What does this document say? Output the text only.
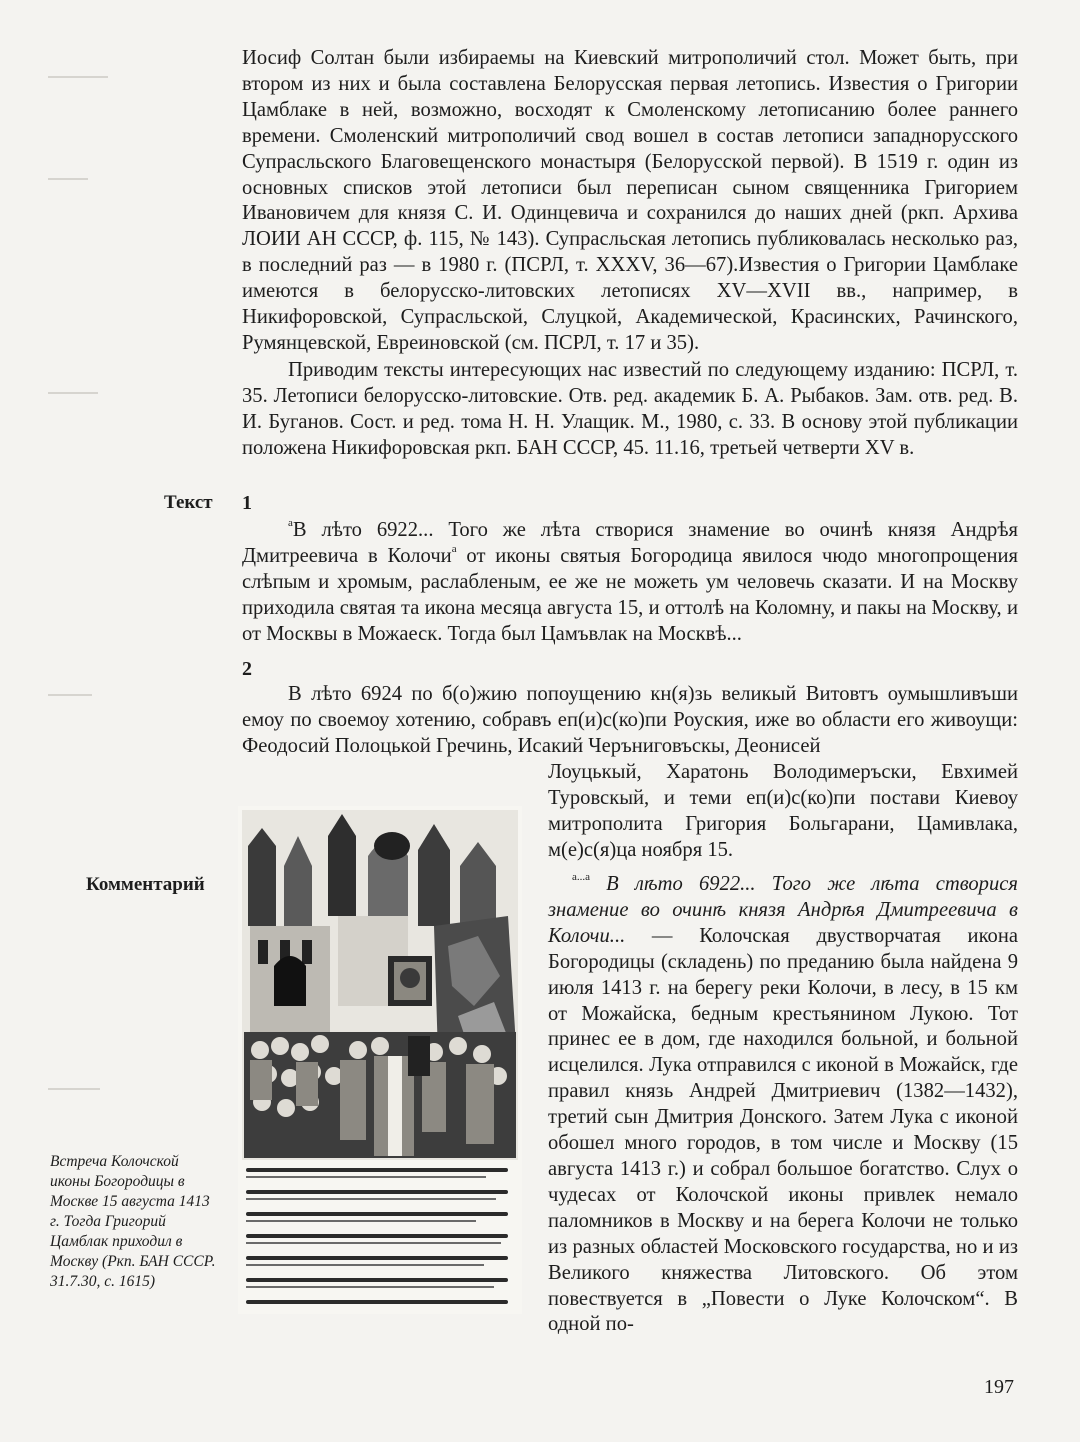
Иосиф Солтан были избираемы на Киевский митрополичий стол. Может быть, при втором из них и была составлена Белорусская первая летопись. Известия о Григории Цамблаке в ней, возможно, восходят к Смоленскому летописанию более раннего времени. Смоленский митрополичий свод вошел в состав летописи западнорусского Супрасльского Благовещенского монастыря (Белорусской первой). В 1519 г. один из основных списков этой летописи был переписан сыном священника Григорием Ивановичем для князя С. И. Одинцевича и сохранился до наших дней (ркп. Архива ЛОИИ АН СССР, ф. 115, № 143). Супрасльская летопись публиковалась несколько раз, в последний раз — в 1980 г. (ПСРЛ, т. XXXV, 36—67).Известия о Григории Цамблаке имеются в белорусско-литовских летописях XV—XVII вв., например, в Никифоровской, Супрасльской, Слуцкой, Академической, Красинских, Рачинского, Румянцевской, Евреиновской (см. ПСРЛ, т. 17 и 35).

Приводим тексты интересующих нас известий по следующему изданию: ПСРЛ, т. 35. Летописи белорусско-литовские. Отв. ред. академик Б. А. Рыбаков. Зам. отв. ред. В. И. Буганов. Сост. и ред. тома Н. Н. Улащик. М., 1980, с. 33. В основу этой публикации положена Никифоровская ркп. БАН СССР, 45. 11.16, третьей четверти XV в.

Текст 1

$^a$В лѣто 6922... Того же лѣта створися знамение во очинѣ князя Андрѣя Дмитреевича в Колочи$^a$ от иконы святыя Богородица явилося чюдо многопрощения слѣпым и хромым, раслабленым, ее же не можеть ум человечь сказати. И на Москву приходила святая та икона месяца августа 15, и оттолѣ на Коломну, и пакы на Москву, и от Москвы в Можаеск. Тогда был Цамъвлак на Москвѣ...

2

В лѣто 6924 по б(о)жию попоущению кн(я)зь великый Витовтъ оумышливъши емоу по своемоу хотению, собравъ еп(и)с(ко)пи Роуския, иже во области его живоущи: Феодосий Полоцькой Гречинь, Исакий Черъниговъскы, Деонисей

Лоуцькый, Харатонь Володимеръски, Евхимей Туровскый, и теми еп(и)с(ко)пи постави Киевоу митрополита Григория Больгарани, Цамивлака, м(е)с(я)ца ноября 15.

Комментарий	$^{а...а}$ В лѣто 6922... Того же лѣта створися знамение во очинѣ князя Андрѣя Дмитреевича в Колочи... — Колочская двустворчатая икона Богородицы (складень) по преданию была найдена 9 июля 1413 г. на берегу реки Колочи, в лесу, в 15 км от Можайска, бедным крестьянином Лукою. Тот принес ее в дом, где находился больной, и больной исцелился. Лука отправился с иконой в Можайск, где правил князь Андрей Дмитриевич (1382—1432), третий сын Дмитрия Донского. Затем Лука с иконой обошел много городов, в том числе и Москву (15 августа 1413 г.) и собрал большое богатство. Слух о чудесах от Колочской иконы привлек немало паломников в Москву и на берега Колочи не только из разных областей Московского государства, но и из Великого княжества Литовского. Об этом повествуется в „Повести о Луке Колочском“. В одной по-

Встреча Колочской иконы Богородицы в Москве 15 августа 1413 г. Тогда Григорий Цамблак приходил в Москву (Ркп. БАН СССР. 31.7.30, с. 1615)
197
